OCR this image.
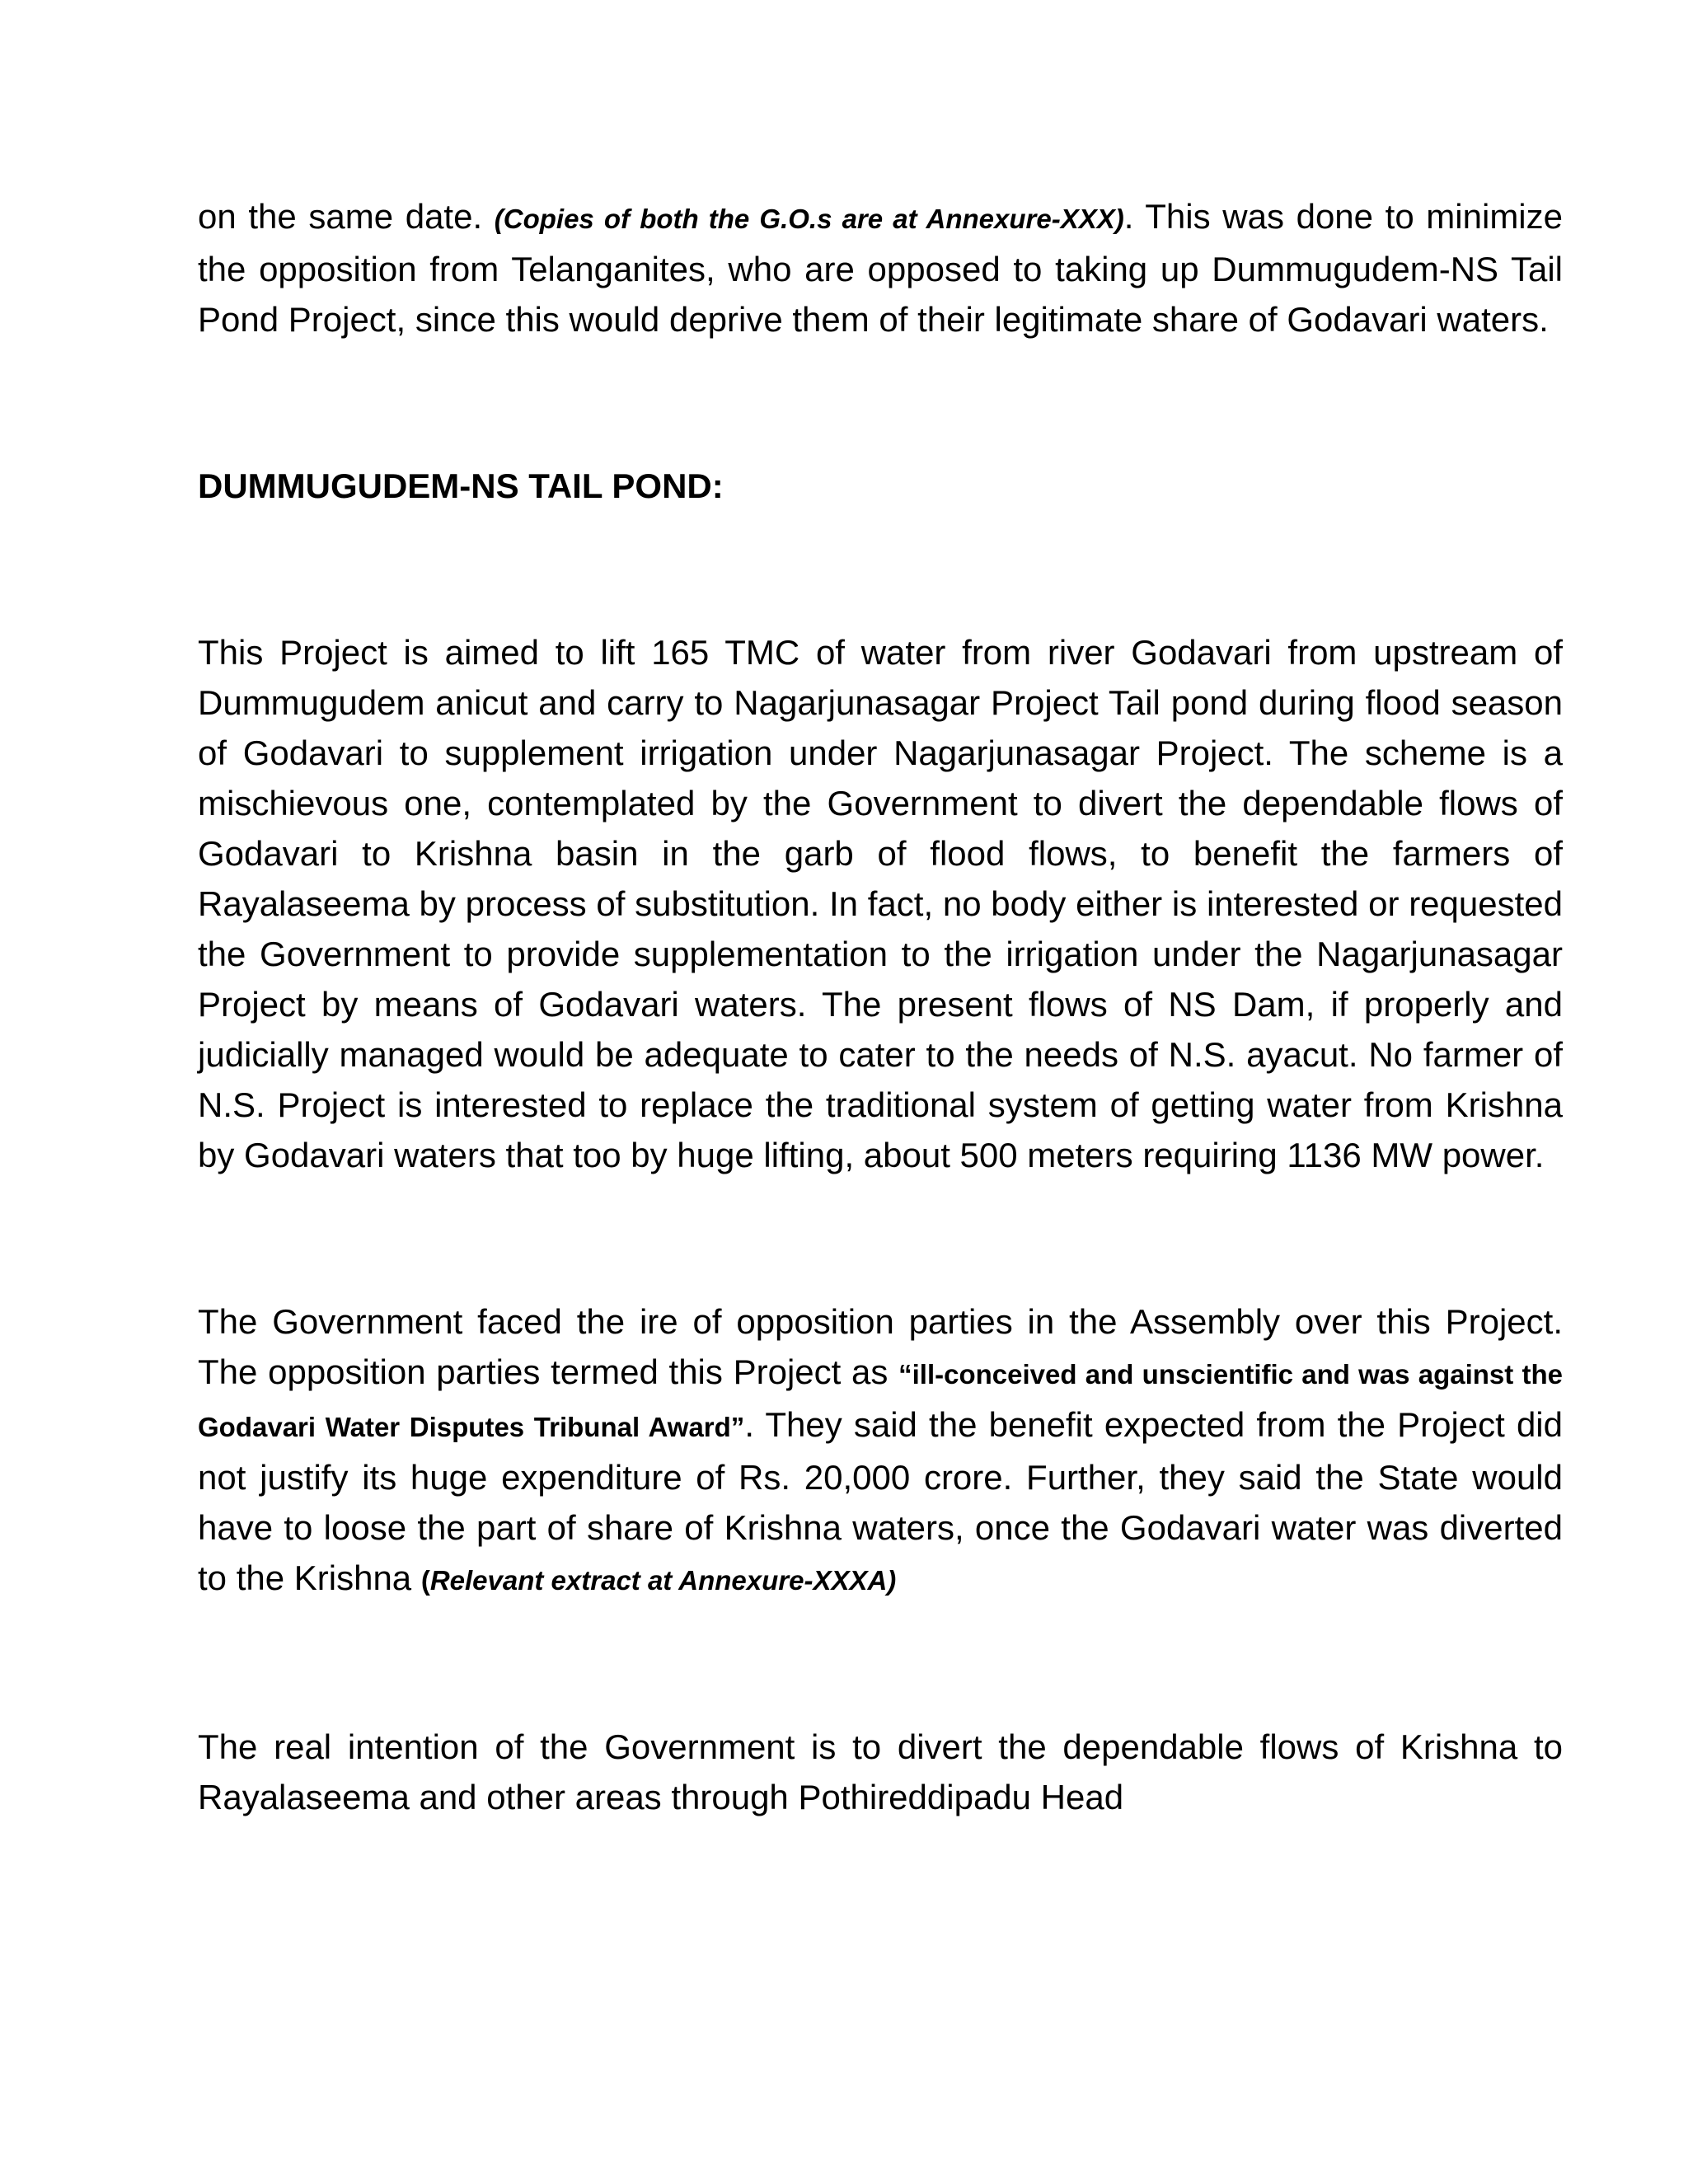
on the same date. (Copies of both the G.O.s are at Annexure-XXX). This was done to minimize the opposition from Telanganites, who are opposed to taking up Dummugudem-NS Tail Pond Project, since this would deprive them of their legitimate share of Godavari waters.

DUMMUGUDEM-NS TAIL POND:

This Project is aimed to lift 165 TMC of water from river Godavari from upstream of Dummugudem anicut and carry to Nagarjunasagar Project Tail pond during flood season of Godavari to supplement irrigation under Nagarjunasagar Project. The scheme is a mischievous one, contemplated by the Government to divert the dependable flows of Godavari to Krishna basin in the garb of flood flows, to benefit the farmers of Rayalaseema by process of substitution. In fact, no body either is interested or requested the Government to provide supplementation to the irrigation under the Nagarjunasagar Project by means of Godavari waters. The present flows of NS Dam, if properly and judicially managed would be adequate to cater to the needs of N.S. ayacut. No farmer of N.S. Project is interested to replace the traditional system of getting water from Krishna by Godavari waters that too by huge lifting, about 500 meters requiring 1136 MW power.

The Government faced the ire of opposition parties in the Assembly over this Project. The opposition parties termed this Project as “ill-conceived and unscientific and was against the Godavari Water Disputes Tribunal Award”. They said the benefit expected from the Project did not justify its huge expenditure of Rs. 20,000 crore. Further, they said the State would have to loose the part of share of Krishna waters, once the Godavari water was diverted to the Krishna (Relevant extract at Annexure-XXXA)

The real intention of the Government is to divert the dependable flows of Krishna to Rayalaseema and other areas through Pothireddipadu Head
